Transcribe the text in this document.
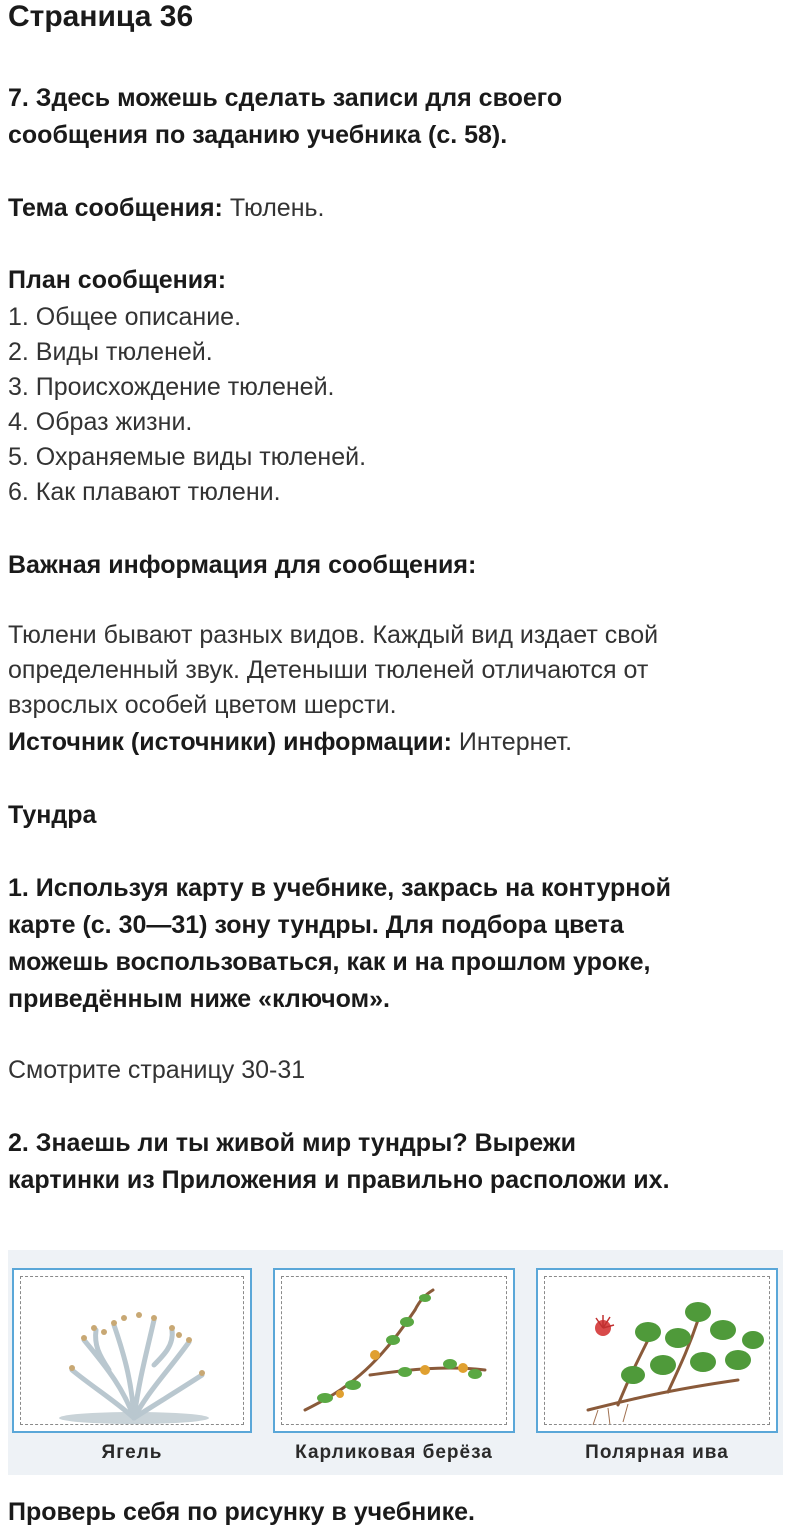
Страница 36

7. Здесь можешь сделать записи для своего

сообщения по заданию учебника (с. 58).

Тема сообщения: Тюлень.

План сообщения:

1. Общее описание.

2. Виды тюленей.

3. Происхождение тюленей.

4. Образ жизни.

5. Охраняемые виды тюленей.

6. Как плавают тюлени.

Важная информация для сообщения:

Тюлени бывают разных видов. Каждый вид издает свой

определенный звук. Детеныши тюленей отличаются от

взрослых особей цветом шерсти.

Источник (источники) информации: Интернет.

Тундра

1. Используя карту в учебнике, закрась на контурной

карте (с. 30—31) зону тундры. Для подбора цвета

можешь воспользоваться, как и на прошлом уроке,

приведённым ниже «ключом».

Смотрите страницу 30-31

2. Знаешь ли ты живой мир тундры? Вырежи

картинки из Приложения и правильно расположи их.

Ягель	Карликовая берёза	Полярная ива

Проверь себя по рисунку в учебнике.
